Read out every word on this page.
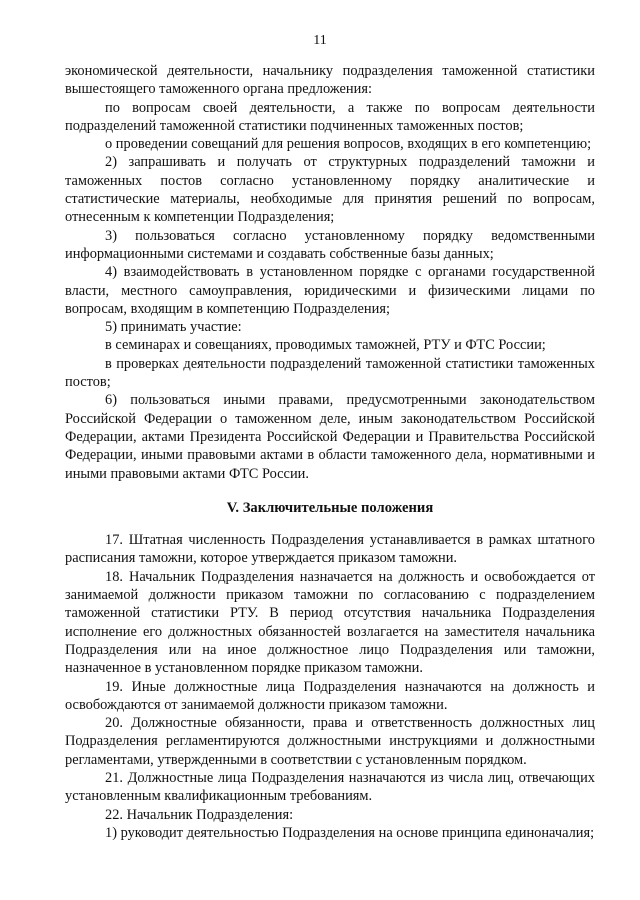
11

экономической деятельности, начальнику подразделения таможенной статистики вышестоящего таможенного органа предложения:

по вопросам своей деятельности, а также по вопросам деятельности подразделений таможенной статистики подчиненных таможенных постов;

о проведении совещаний для решения вопросов, входящих в его компетенцию;

2) запрашивать и получать от структурных подразделений таможни и таможенных постов согласно установленному порядку аналитические и статистические материалы, необходимые для принятия решений по вопросам, отнесенным к компетенции Подразделения;

3) пользоваться согласно установленному порядку ведомственными информационными системами и создавать собственные базы данных;

4) взаимодействовать в установленном порядке с органами государственной власти, местного самоуправления, юридическими и физическими лицами по вопросам, входящим в компетенцию Подразделения;

5) принимать участие:

в семинарах и совещаниях, проводимых таможней, РТУ и ФТС России;

в проверках деятельности подразделений таможенной статистики таможенных постов;

6) пользоваться иными правами, предусмотренными законодательством Российской Федерации о таможенном деле, иным законодательством Российской Федерации, актами Президента Российской Федерации и Правительства Российской Федерации, иными правовыми актами в области таможенного дела, нормативными и иными правовыми актами ФТС России.

V. Заключительные положения

17. Штатная численность Подразделения устанавливается в рамках штатного расписания таможни, которое утверждается приказом таможни.

18. Начальник Подразделения назначается на должность и освобождается от занимаемой должности приказом таможни по согласованию с подразделением таможенной статистики РТУ. В период отсутствия начальника Подразделения исполнение его должностных обязанностей возлагается на заместителя начальника Подразделения или на иное должностное лицо Подразделения или таможни, назначенное в установленном порядке приказом таможни.

19. Иные должностные лица Подразделения назначаются на должность и освобождаются от занимаемой должности приказом таможни.

20. Должностные обязанности, права и ответственность должностных лиц Подразделения регламентируются должностными инструкциями и должностными регламентами, утвержденными в соответствии с установленным порядком.

21. Должностные лица Подразделения назначаются из числа лиц, отвечающих установленным квалификационным требованиям.

22. Начальник Подразделения:

1) руководит деятельностью Подразделения на основе принципа единоначалия;
